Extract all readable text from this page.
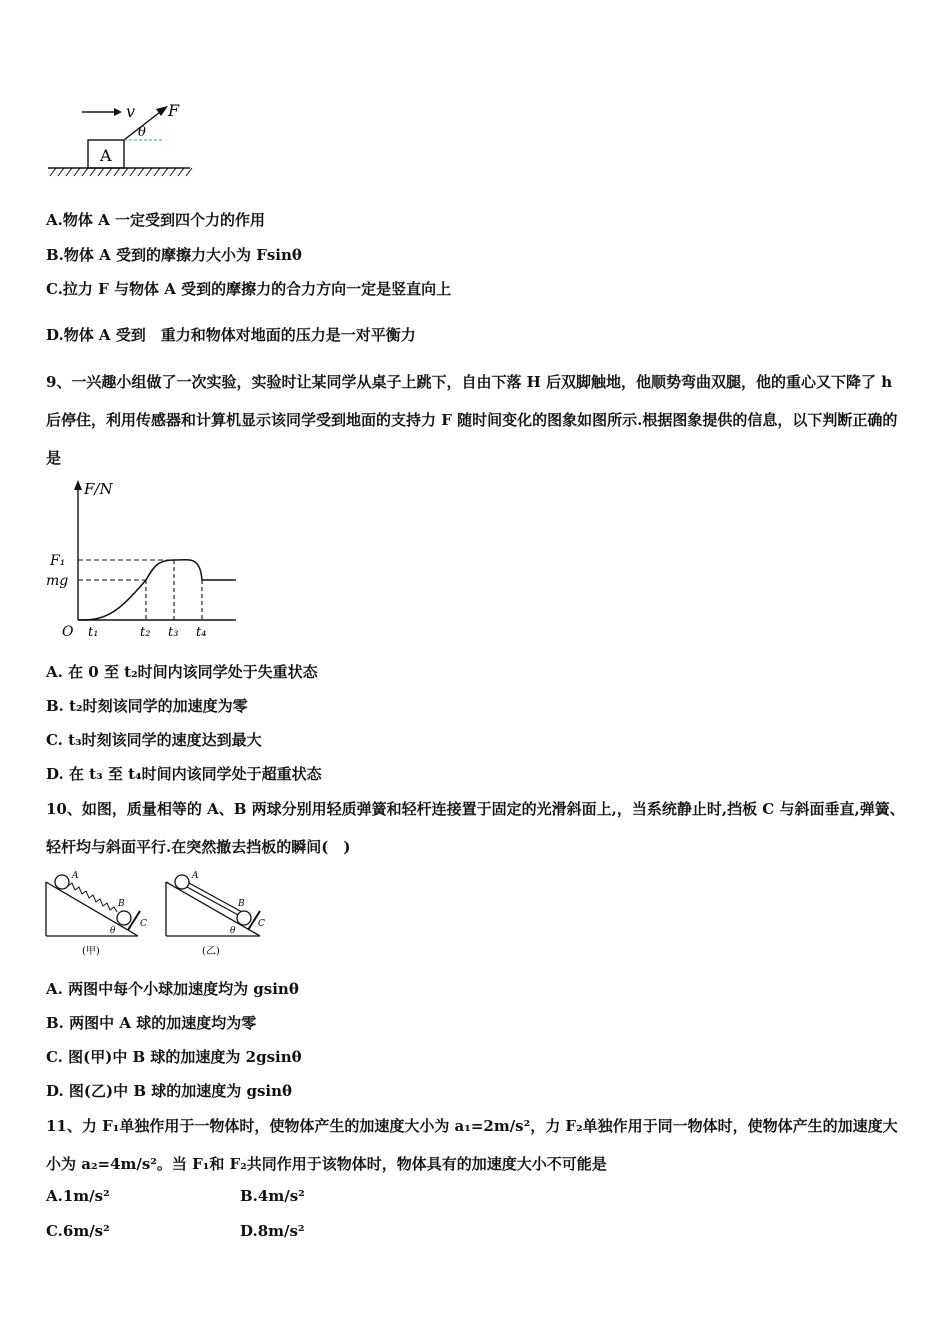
v
A
F
θ
A.物体 A 一定受到四个力的作用
B.物体 A 受到的摩擦力大小为 Fsinθ
C.拉力 F 与物体 A 受到的摩擦力的合力方向一定是竖直向上
D.物体 A 受到　重力和物体对地面的压力是一对平衡力
9、一兴趣小组做了一次实验，实验时让某同学从桌子上跳下，自由下落 H 后双脚触地，他顺势弯曲双腿，他的重心又下降了 h 后停住，利用传感器和计算机显示该同学受到地面的支持力 F 随时间变化的图象如图所示.根据图象提供的信息，以下判断正确的是
F/N
F₁
mg
O t₁	t₂ t₃ t₄
A. 在 0 至 t₂时间内该同学处于失重状态
B. t₂时刻该同学的加速度为零
C. t₃时刻该同学的速度达到最大
D. 在 t₃ 至 t₄时间内该同学处于超重状态
10、如图，质量相等的 A、B 两球分别用轻质弹簧和轻杆连接置于固定的光滑斜面上,，当系统静止时,挡板 C 与斜面垂直,弹簧、轻杆均与斜面平行.在突然撤去挡板的瞬间(　)
A
B
C
θ
(甲)
A
B
C
θ
(乙)
A. 两图中每个小球加速度均为 gsinθ
B. 两图中 A 球的加速度均为零
C. 图(甲)中 B 球的加速度为 2gsinθ
D. 图(乙)中 B 球的加速度为 gsinθ
11、力 F₁单独作用于一物体时，使物体产生的加速度大小为 a₁=2m/s²，力 F₂单独作用于同一物体时，使物体产生的加速度大小为 a₂=4m/s²。当 F₁和 F₂共同作用于该物体时，物体具有的加速度大小不可能是
A.1m/s²	B.4m/s²
C.6m/s²	D.8m/s²
